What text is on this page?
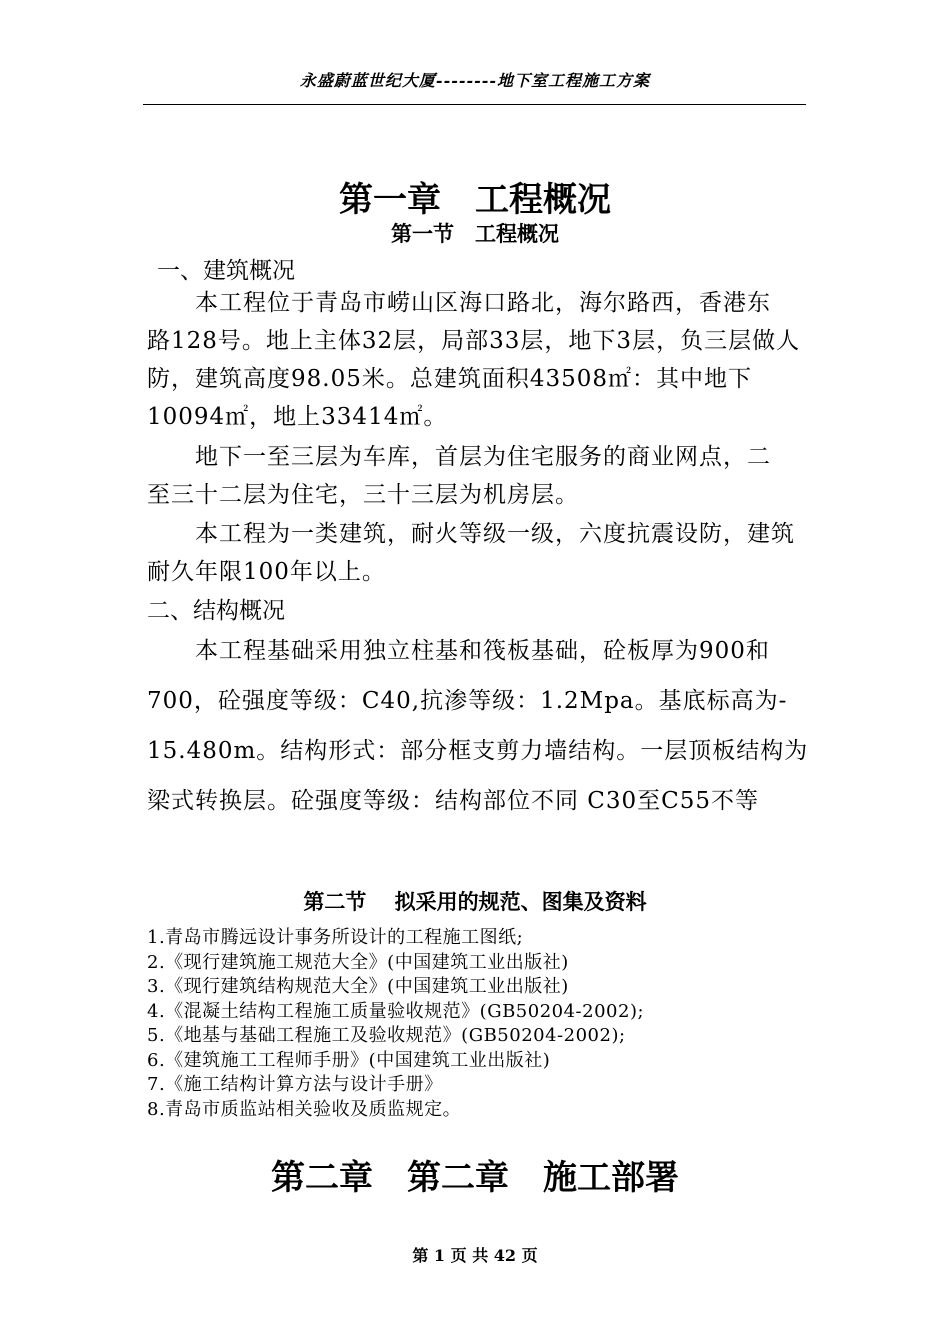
永盛蔚蓝世纪大厦--------地下室工程施工方案
第一章　工程概况
第一节　工程概况
一、建筑概况
本工程位于青岛市崂山区海口路北，海尔路西，香港东
路128号。地上主体32层，局部33层，地下3层，负三层做人
防，建筑高度98.05米。总建筑面积43508㎡：其中地下
10094㎡，地上33414㎡。
地下一至三层为车库，首层为住宅服务的商业网点，二
至三十二层为住宅，三十三层为机房层。
本工程为一类建筑，耐火等级一级，六度抗震设防，建筑
耐久年限100年以上。
二、结构概况
本工程基础采用独立柱基和筏板基础，砼板厚为900和
700，砼强度等级：C40,抗渗等级：1.2Mpa。基底标高为-
15.480m。结构形式：部分框支剪力墙结构。一层顶板结构为
梁式转换层。砼强度等级：结构部位不同 C30至C55不等
第二节　 拟采用的规范、图集及资料
1.青岛市腾远设计事务所设计的工程施工图纸;
2.《现行建筑施工规范大全》(中国建筑工业出版社)
3.《现行建筑结构规范大全》(中国建筑工业出版社)
4.《混凝土结构工程施工质量验收规范》(GB50204-2002);
5.《地基与基础工程施工及验收规范》(GB50204-2002);
6.《建筑施工工程师手册》(中国建筑工业出版社)
7.《施工结构计算方法与设计手册》
8.青岛市质监站相关验收及质监规定。
第二章　第二章　施工部署
第 1 页 共 42 页
